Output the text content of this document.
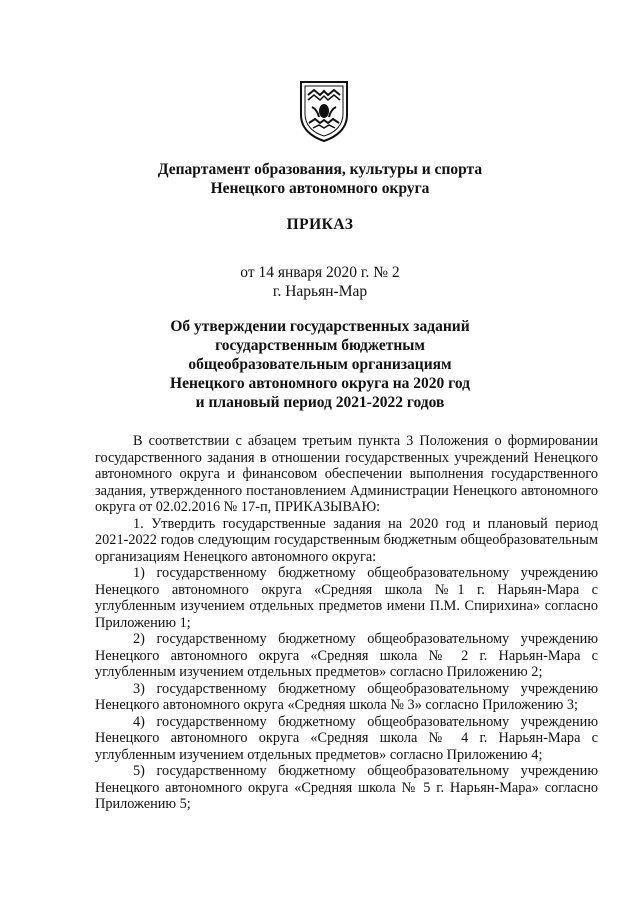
Департамент образования, культуры и спорта
Ненецкого автономного округа
ПРИКАЗ
от 14 января 2020 г. № 2
г. Нарьян-Мар
Об утверждении государственных заданий
государственным бюджетным
общеобразовательным организациям
Ненецкого автономного округа на 2020 год
и плановый период 2021-2022 годов

В соответствии с абзацем третьим пункта 3 Положения о формировании государственного задания в отношении государственных учреждений Ненецкого автономного округа и финансовом обеспечении выполнения государственного задания, утвержденного постановлением Администрации Ненецкого автономного округа от 02.02.2016 № 17-п, ПРИКАЗЫВАЮ:

1. Утвердить государственные задания на 2020 год и плановый период 2021-2022 годов следующим государственным бюджетным общеобразовательным организациям Ненецкого автономного округа:

1) государственному бюджетному общеобразовательному учреждению Ненецкого автономного округа «Средняя школа №1 г. Нарьян-Мара с углубленным изучением отдельных предметов имени П.М. Спирихина» согласно Приложению 1;

2) государственному бюджетному общеобразовательному учреждению Ненецкого автономного округа «Средняя школа № 2 г. Нарьян-Мара с углубленным изучением отдельных предметов» согласно Приложению 2;

3) государственному бюджетному общеобразовательному учреждению Ненецкого автономного округа «Средняя школа № 3» согласно Приложению 3;

4) государственному бюджетному общеобразовательному учреждению Ненецкого автономного округа «Средняя школа № 4 г. Нарьян-Мара с углубленным изучением отдельных предметов» согласно Приложению 4;

5) государственному бюджетному общеобразовательному учреждению Ненецкого автономного округа «Средняя школа № 5 г. Нарьян-Мара» согласно Приложению 5;
